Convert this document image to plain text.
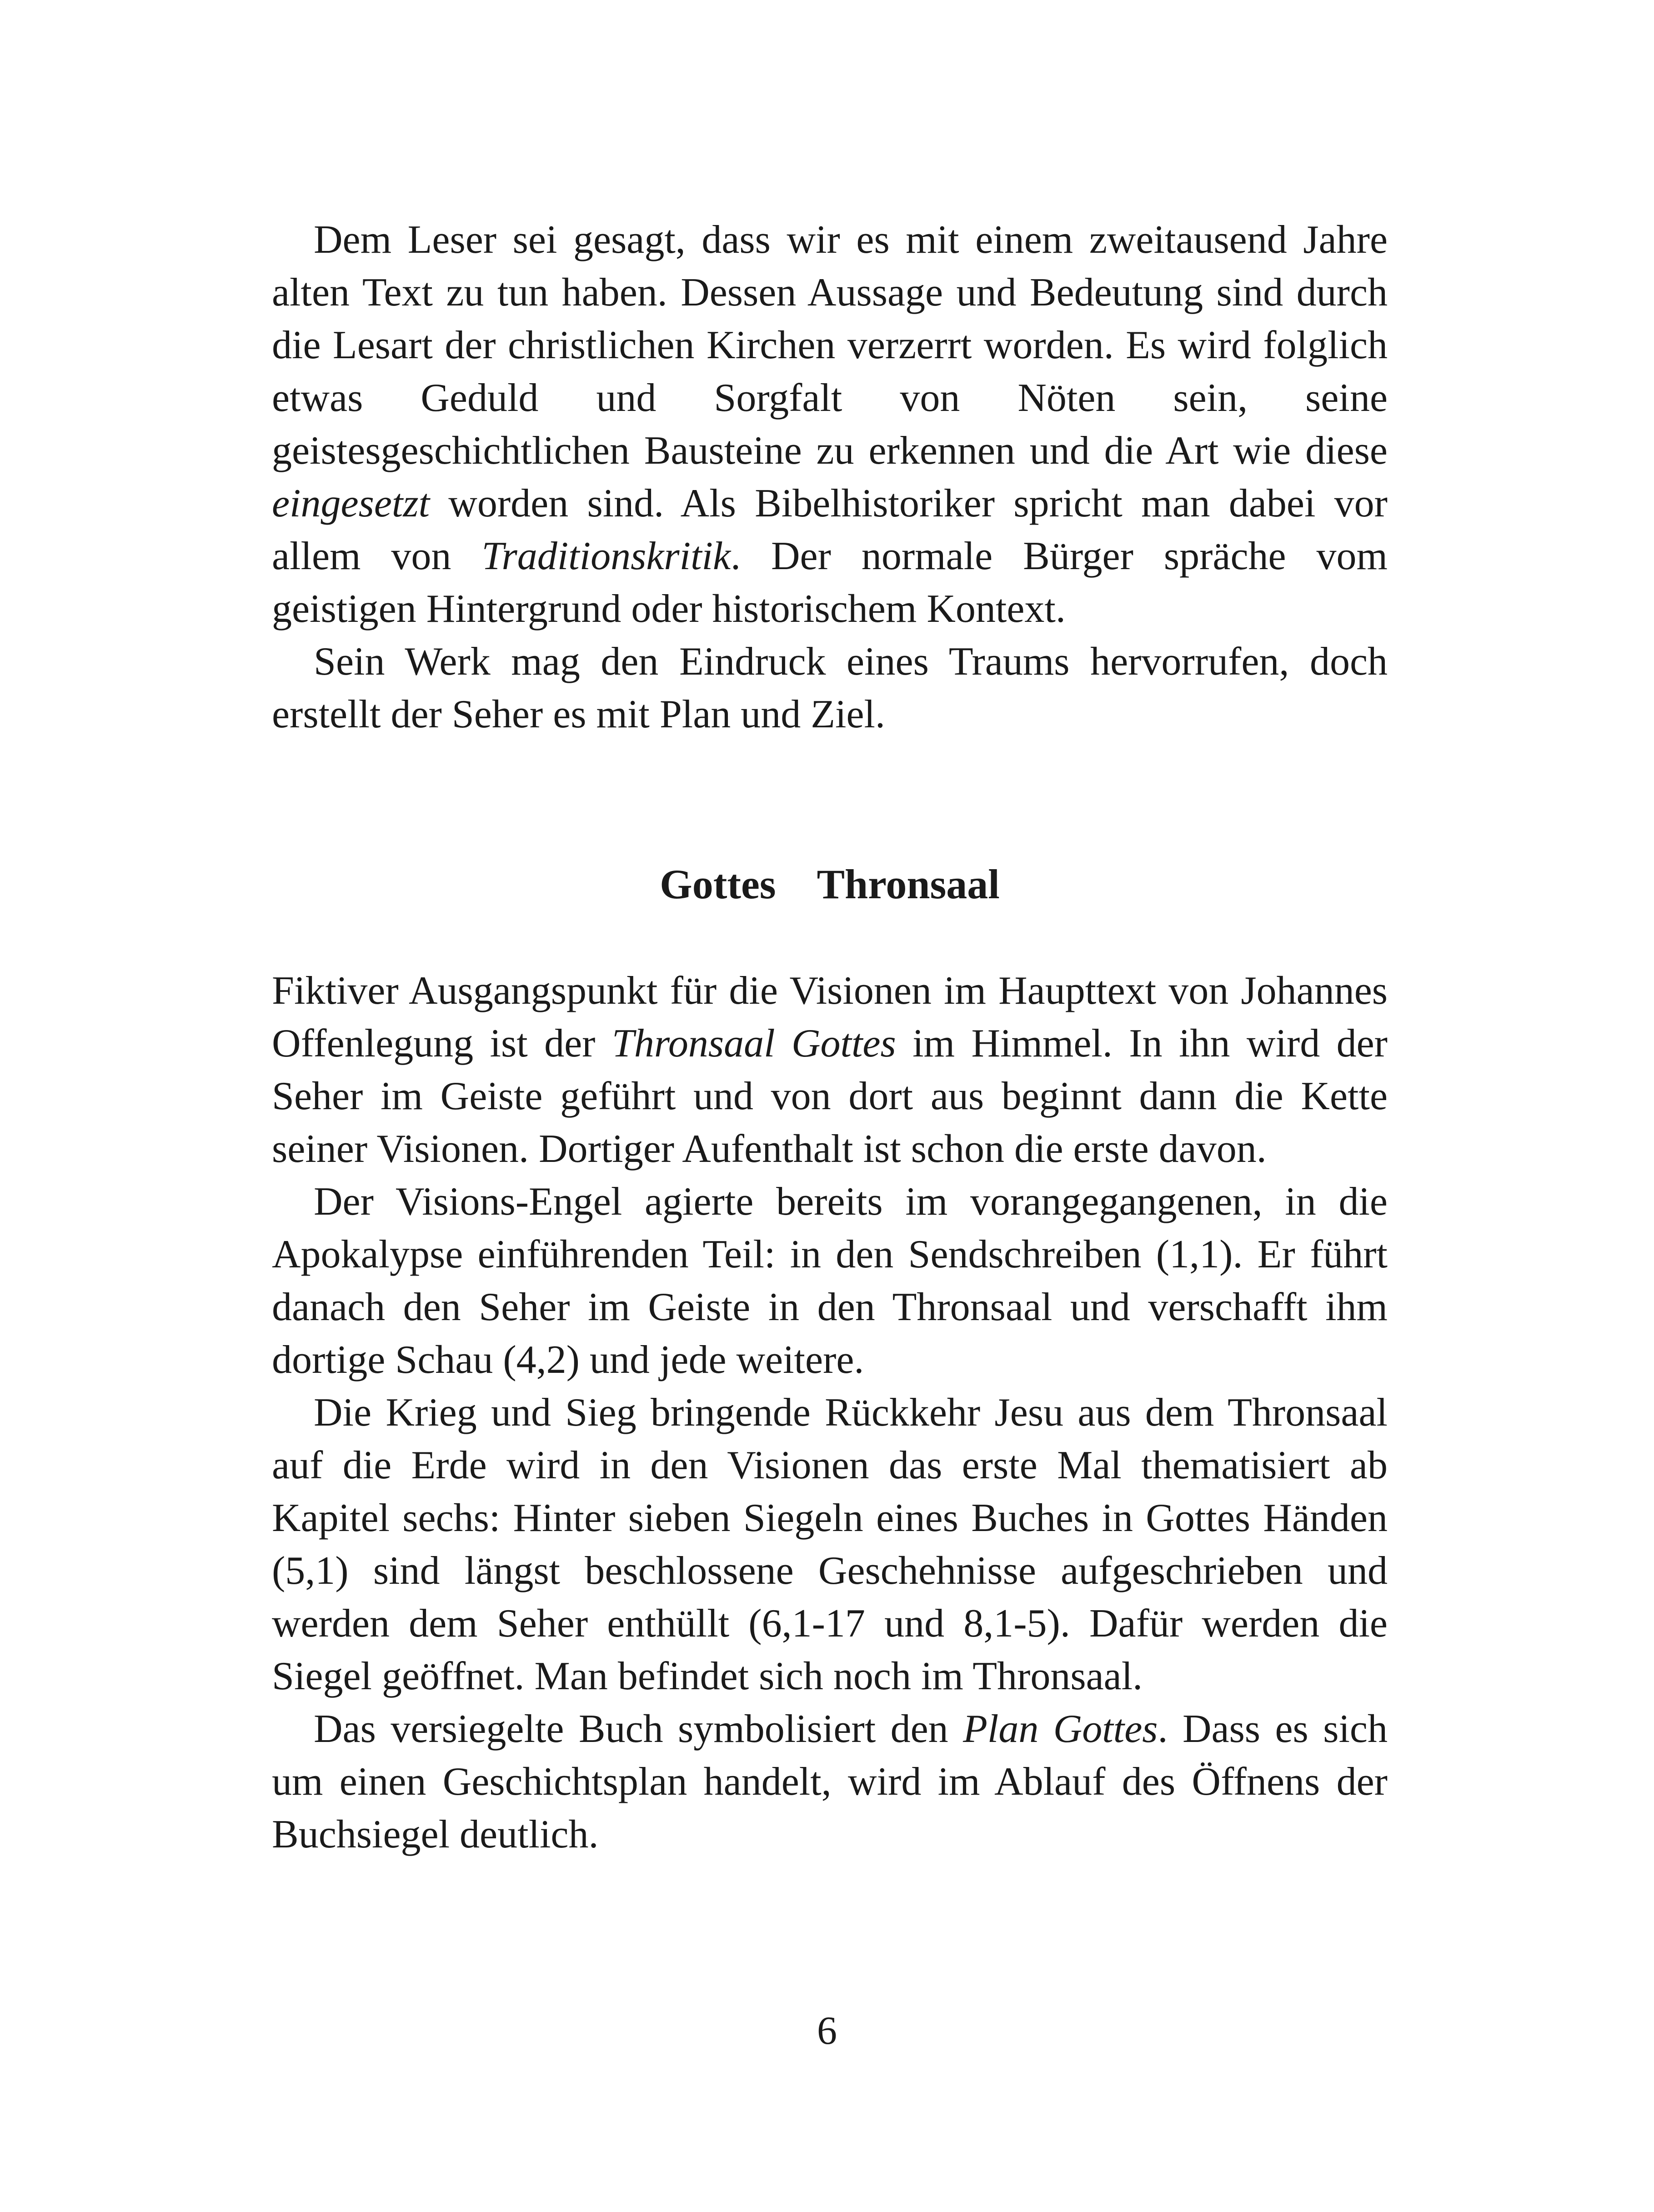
Dem Leser sei gesagt, dass wir es mit einem zweitausend Jahre alten Text zu tun haben. Dessen Aussage und Bedeutung sind durch die Lesart der christlichen Kirchen verzerrt worden. Es wird folglich etwas Geduld und Sorgfalt von Nöten sein, seine geistesgeschichtlichen Bausteine zu erkennen und die Art wie diese eingesetzt worden sind. Als Bibelhistoriker spricht man dabei vor allem von Traditionskritik. Der normale Bürger spräche vom geistigen Hintergrund oder historischem Kontext.

Sein Werk mag den Eindruck eines Traums hervorrufen, doch erstellt der Seher es mit Plan und Ziel.

Gottes Thronsaal

Fiktiver Ausgangspunkt für die Visionen im Haupttext von Johannes Offenlegung ist der Thronsaal Gottes im Himmel. In ihn wird der Seher im Geiste geführt und von dort aus beginnt dann die Kette seiner Visionen. Dortiger Aufenthalt ist schon die erste davon.

Der Visions-Engel agierte bereits im vorangegangenen, in die Apokalypse einführenden Teil: in den Sendschreiben (1,1). Er führt danach den Seher im Geiste in den Thronsaal und verschafft ihm dortige Schau (4,2) und jede weitere.

Die Krieg und Sieg bringende Rückkehr Jesu aus dem Thronsaal auf die Erde wird in den Visionen das erste Mal thematisiert ab Kapitel sechs: Hinter sieben Siegeln eines Buches in Gottes Händen (5,1) sind längst beschlossene Geschehnisse aufgeschrieben und werden dem Seher enthüllt (6,1-17 und 8,1-5). Dafür werden die Siegel geöffnet. Man befindet sich noch im Thronsaal.

Das versiegelte Buch symbolisiert den Plan Gottes. Dass es sich um einen Geschichtsplan handelt, wird im Ablauf des Öffnens der Buchsiegel deutlich.

6
